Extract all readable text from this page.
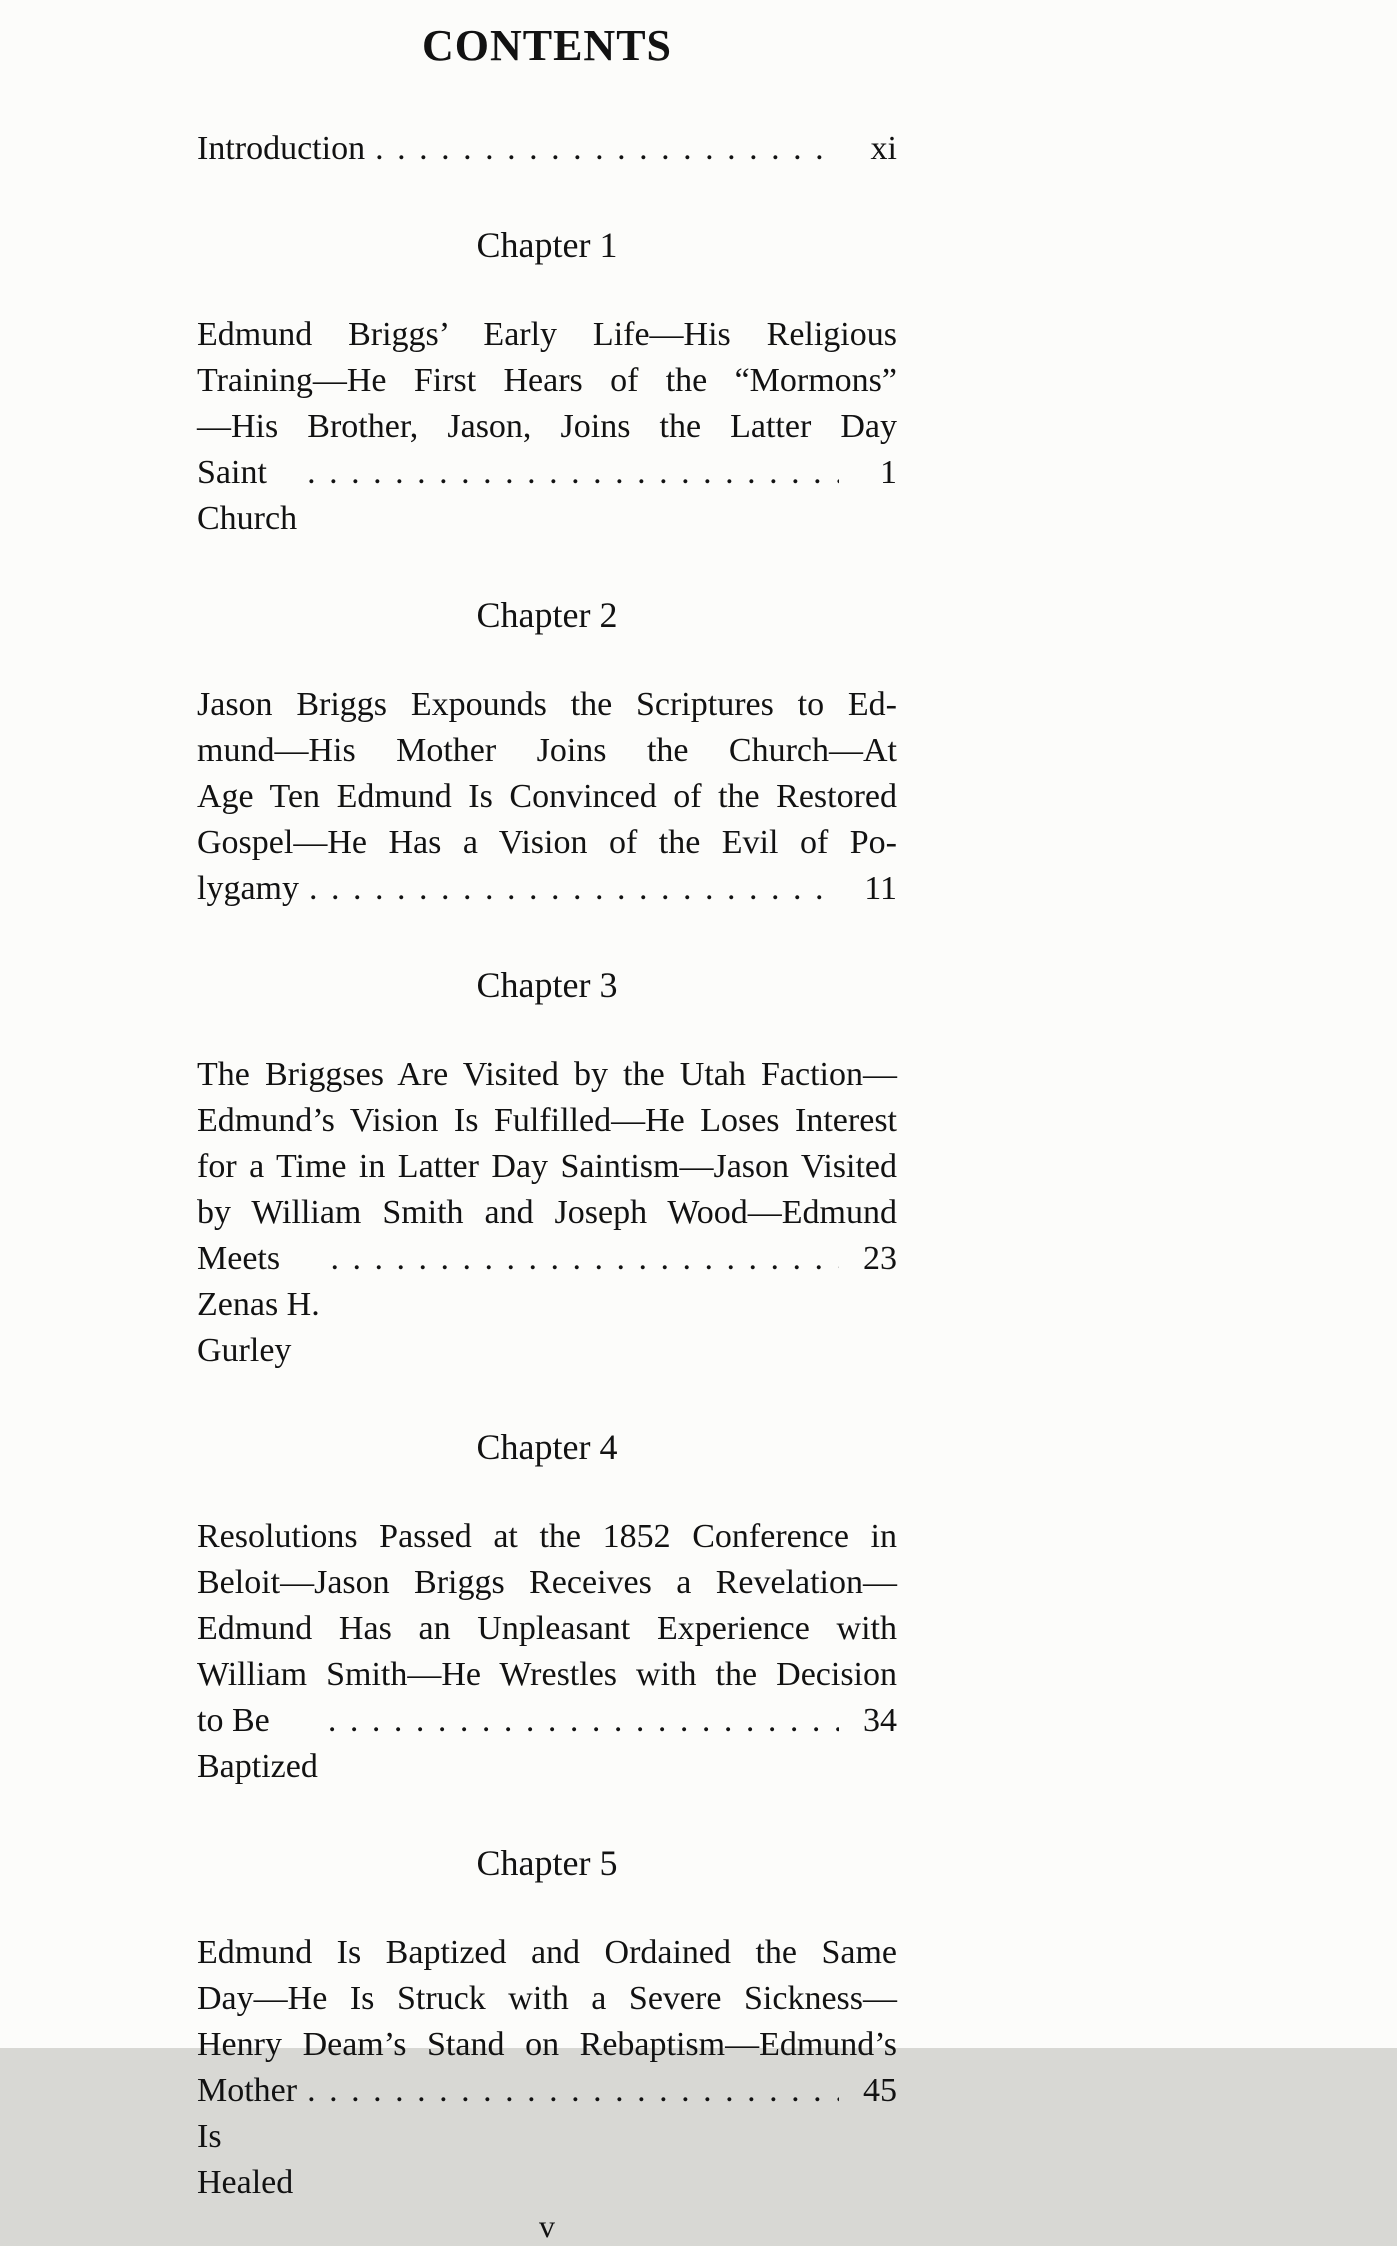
CONTENTS
Introduction . . .	xi
Chapter 1
Edmund Briggs’ Early Life—His Religious
Training—He First Hears of the “Mormons”
—His Brother, Jason, Joins the Latter Day
Saint Church
. . .
1
Chapter 2
Jason Briggs Expounds the Scriptures to Ed-
mund—His Mother Joins the Church—At
Age Ten Edmund Is Convinced of the Restored
Gospel—He Has a Vision of the Evil of Po-
lygamy . . .	11
Chapter 3
The Briggses Are Visited by the Utah Faction—
Edmund’s Vision Is Fulfilled—He Loses Interest
for a Time in Latter Day Saintism—Jason Visited
by William Smith and Joseph Wood—Edmund
Meets Zenas H. Gurley
. . .
23
Chapter 4
Resolutions Passed at the 1852 Conference in
Beloit—Jason Briggs Receives a Revelation—
Edmund Has an Unpleasant Experience with
William Smith—He Wrestles with the Decision
to Be Baptized
. . .
34
Chapter 5
Edmund Is Baptized and Ordained the Same
Day—He Is Struck with a Severe Sickness—
Henry Deam’s Stand on Rebaptism—Edmund’s
Mother Is Healed
. . .
45
v
